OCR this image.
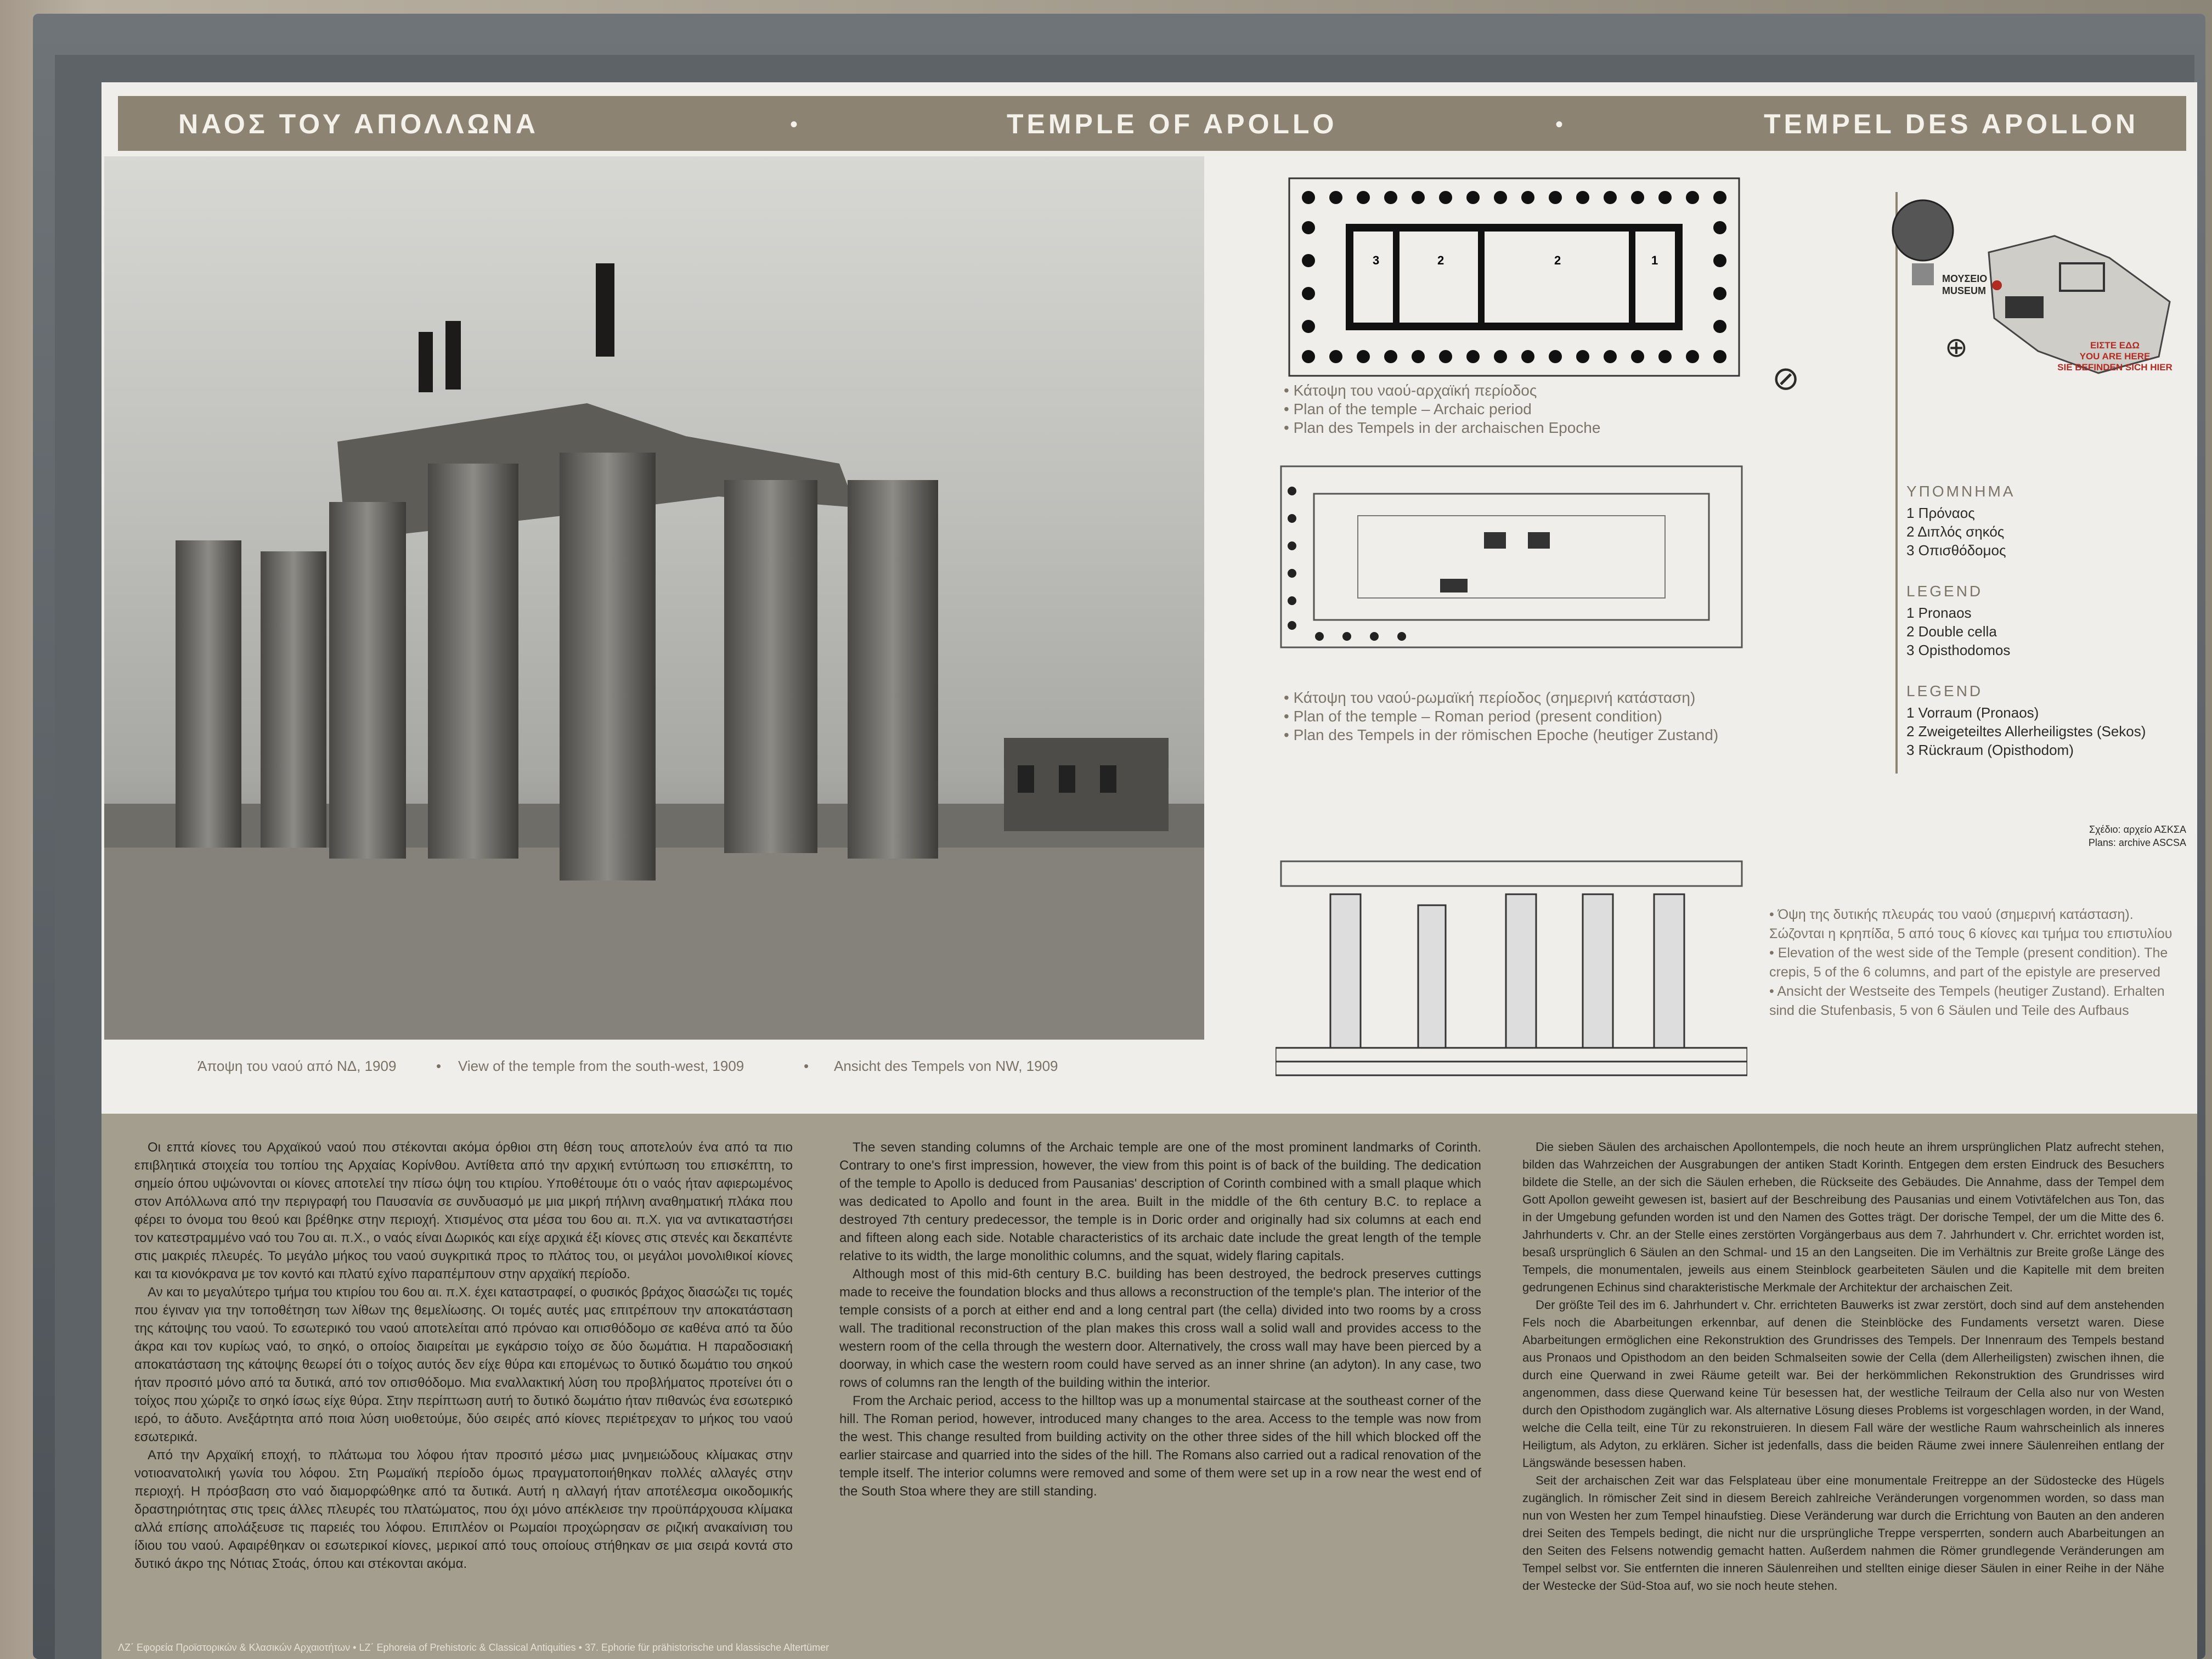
ΝΑΟΣ ΤΟΥ ΑΠΟΛΛΩΝΑ	•	TEMPLE OF APOLLO	•	TEMPEL DES APOLLON
Άποψη του ναού από ΝΔ, 1909	• View of the temple from the south-west, 1909	• Ansicht des Tempels von NW, 1909
3	2	2	1
• Κάτοψη του ναού-αρχαϊκή περίοδος
• Plan of the temple – Archaic period
• Plan des Tempels in der archaischen Epoche
• Κάτοψη του ναού-ρωμαϊκή περίοδος (σημερινή κατάσταση)
• Plan of the temple – Roman period (present condition)
• Plan des Tempels in der römischen Epoche (heutiger Zustand)
⊘
⊕
ΜΟΥΣΕΙΟ
MUSEUM
ΕΙΣΤΕ ΕΔΩ
YOU ARE HERE
SIE BEFINDEN SICH HIER
ΥΠΟΜΝΗΜΑ
1 Πρόναος
2 Διπλός σηκός
3 Οπισθόδομος
LEGEND
1 Pronaos
2 Double cella
3 Opisthodomos
LEGEND
1 Vorraum (Pronaos)
2 Zweigeteiltes Allerheiligstes (Sekos)
3 Rückraum (Opisthodom)
Σχέδιο: αρχείο ΑΣΚΣΑ
Plans: archive ASCSA
• Όψη της δυτικής πλευράς του ναού (σημερινή κατάσταση). Σώζονται η κρηπίδα, 5 από τους 6 κίονες και τμήμα του επιστυλίου
• Elevation of the west side of the Temple (present condition). The crepis, 5 of the 6 columns, and part of the epistyle are preserved
• Ansicht der Westseite des Tempels (heutiger Zustand). Erhalten sind die Stufenbasis, 5 von 6 Säulen und Teile des Aufbaus

Οι επτά κίονες του Αρχαϊκού ναού που στέκονται ακόμα όρθιοι στη θέση τους αποτελούν ένα από τα πιο επιβλητικά στοιχεία του τοπίου της Αρχαίας Κορίνθου. Αντίθετα από την αρχική εντύπωση του επισκέπτη, το σημείο όπου υψώνονται οι κίονες αποτελεί την πίσω όψη του κτιρίου. Υποθέτουμε ότι ο ναός ήταν αφιερωμένος στον Απόλλωνα από την περιγραφή του Παυσανία σε συνδυασμό με μια μικρή πήλινη αναθηματική πλάκα που φέρει το όνομα του θεού και βρέθηκε στην περιοχή. Χτισμένος στα μέσα του 6ου αι. π.Χ. για να αντικαταστήσει τον κατεστραμμένο ναό του 7ου αι. π.Χ., ο ναός είναι Δωρικός και είχε αρχικά έξι κίονες στις στενές και δεκαπέντε στις μακριές πλευρές. Το μεγάλο μήκος του ναού συγκριτικά προς το πλάτος του, οι μεγάλοι μονολιθικοί κίονες και τα κιονόκρανα με τον κοντό και πλατύ εχίνο παραπέμπουν στην αρχαϊκή περίοδο.

Αν και το μεγαλύτερο τμήμα του κτιρίου του 6ου αι. π.Χ. έχει καταστραφεί, ο φυσικός βράχος διασώζει τις τομές που έγιναν για την τοποθέτηση των λίθων της θεμελίωσης. Οι τομές αυτές μας επιτρέπουν την αποκατάσταση της κάτοψης του ναού. Το εσωτερικό του ναού αποτελείται από πρόναο και οπισθόδομο σε καθένα από τα δύο άκρα και τον κυρίως ναό, το σηκό, ο οποίος διαιρείται με εγκάρσιο τοίχο σε δύο δωμάτια. Η παραδοσιακή αποκατάσταση της κάτοψης θεωρεί ότι ο τοίχος αυτός δεν είχε θύρα και επομένως το δυτικό δωμάτιο του σηκού ήταν προσιτό μόνο από τα δυτικά, από τον οπισθόδομο. Μια εναλλακτική λύση του προβλήματος προτείνει ότι ο τοίχος που χώριζε το σηκό ίσως είχε θύρα. Στην περίπτωση αυτή το δυτικό δωμάτιο ήταν πιθανώς ένα εσωτερικό ιερό, το άδυτο. Ανεξάρτητα από ποια λύση υιοθετούμε, δύο σειρές από κίονες περιέτρεχαν το μήκος του ναού εσωτερικά.

Από την Αρχαϊκή εποχή, το πλάτωμα του λόφου ήταν προσιτό μέσω μιας μνημειώδους κλίμακας στην νοτιοανατολική γωνία του λόφου. Στη Ρωμαϊκή περίοδο όμως πραγματοποιήθηκαν πολλές αλλαγές στην περιοχή. Η πρόσβαση στο ναό διαμορφώθηκε από τα δυτικά. Αυτή η αλλαγή ήταν αποτέλεσμα οικοδομικής δραστηριότητας στις τρεις άλλες πλευρές του πλατώματος, που όχι μόνο απέκλεισε την προϋπάρχουσα κλίμακα αλλά επίσης απολάξευσε τις παρειές του λόφου. Επιπλέον οι Ρωμαίοι προχώρησαν σε ριζική ανακαίνιση του ίδιου του ναού. Αφαιρέθηκαν οι εσωτερικοί κίονες, μερικοί από τους οποίους στήθηκαν σε μια σειρά κοντά στο δυτικό άκρο της Νότιας Στοάς, όπου και στέκονται ακόμα.

The seven standing columns of the Archaic temple are one of the most prominent landmarks of Corinth. Contrary to one's first impression, however, the view from this point is of back of the building. The dedication of the temple to Apollo is deduced from Pausanias' description of Corinth combined with a small plaque which was dedicated to Apollo and fount in the area. Built in the middle of the 6th century B.C. to replace a destroyed 7th century predecessor, the temple is in Doric order and originally had six columns at each end and fifteen along each side. Notable characteristics of its archaic date include the great length of the temple relative to its width, the large monolithic columns, and the squat, widely flaring capitals.

Although most of this mid-6th century B.C. building has been destroyed, the bedrock preserves cuttings made to receive the foundation blocks and thus allows a reconstruction of the temple's plan. The interior of the temple consists of a porch at either end and a long central part (the cella) divided into two rooms by a cross wall. The traditional reconstruction of the plan makes this cross wall a solid wall and provides access to the western room of the cella through the western door. Alternatively, the cross wall may have been pierced by a doorway, in which case the western room could have served as an inner shrine (an adyton). In any case, two rows of columns ran the length of the building within the interior.

From the Archaic period, access to the hilltop was up a monumental staircase at the southeast corner of the hill. The Roman period, however, introduced many changes to the area. Access to the temple was now from the west. This change resulted from building activity on the other three sides of the hill which blocked off the earlier staircase and quarried into the sides of the hill. The Romans also carried out a radical renovation of the temple itself. The interior columns were removed and some of them were set up in a row near the west end of the South Stoa where they are still standing.

Die sieben Säulen des archaischen Apollontempels, die noch heute an ihrem ursprünglichen Platz aufrecht stehen, bilden das Wahrzeichen der Ausgrabungen der antiken Stadt Korinth. Entgegen dem ersten Eindruck des Besuchers bildete die Stelle, an der sich die Säulen erheben, die Rückseite des Gebäudes. Die Annahme, dass der Tempel dem Gott Apollon geweiht gewesen ist, basiert auf der Beschreibung des Pausanias und einem Votivtäfelchen aus Ton, das in der Umgebung gefunden worden ist und den Namen des Gottes trägt. Der dorische Tempel, der um die Mitte des 6. Jahrhunderts v. Chr. an der Stelle eines zerstörten Vorgängerbaus aus dem 7. Jahrhundert v. Chr. errichtet worden ist, besaß ursprünglich 6 Säulen an den Schmal- und 15 an den Langseiten. Die im Verhältnis zur Breite große Länge des Tempels, die monumentalen, jeweils aus einem Steinblock gearbeiteten Säulen und die Kapitelle mit dem breiten gedrungenen Echinus sind charakteristische Merkmale der Architektur der archaischen Zeit.

Der größte Teil des im 6. Jahrhundert v. Chr. errichteten Bauwerks ist zwar zerstört, doch sind auf dem anstehenden Fels noch die Abarbeitungen erkennbar, auf denen die Steinblöcke des Fundaments versetzt waren. Diese Abarbeitungen ermöglichen eine Rekonstruktion des Grundrisses des Tempels. Der Innenraum des Tempels bestand aus Pronaos und Opisthodom an den beiden Schmalseiten sowie der Cella (dem Allerheiligsten) zwischen ihnen, die durch eine Querwand in zwei Räume geteilt war. Bei der herkömmlichen Rekonstruktion des Grundrisses wird angenommen, dass diese Querwand keine Tür besessen hat, der westliche Teilraum der Cella also nur von Westen durch den Opisthodom zugänglich war. Als alternative Lösung dieses Problems ist vorgeschlagen worden, in der Wand, welche die Cella teilt, eine Tür zu rekonstruieren. In diesem Fall wäre der westliche Raum wahrscheinlich als inneres Heiligtum, als Adyton, zu erklären. Sicher ist jedenfalls, dass die beiden Räume zwei innere Säulenreihen entlang der Längswände besessen haben.

Seit der archaischen Zeit war das Felsplateau über eine monumentale Freitreppe an der Südostecke des Hügels zugänglich. In römischer Zeit sind in diesem Bereich zahlreiche Veränderungen vorgenommen worden, so dass man nun von Westen her zum Tempel hinaufstieg. Diese Veränderung war durch die Errichtung von Bauten an den anderen drei Seiten des Tempels bedingt, die nicht nur die ursprüngliche Treppe versperrten, sondern auch Abarbeitungen an den Seiten des Felsens notwendig gemacht hatten. Außerdem nahmen die Römer grundlegende Veränderungen am Tempel selbst vor. Sie entfernten die inneren Säulenreihen und stellten einige dieser Säulen in einer Reihe in der Nähe der Westecke der Süd-Stoa auf, wo sie noch heute stehen.

ΛΖ΄ Εφορεία Προϊστορικών & Κλασικών Αρχαιοτήτων • LZ΄ Ephoreia of Prehistoric & Classical Antiquities • 37. Ephorie für prähistorische und klassische Altertümer
